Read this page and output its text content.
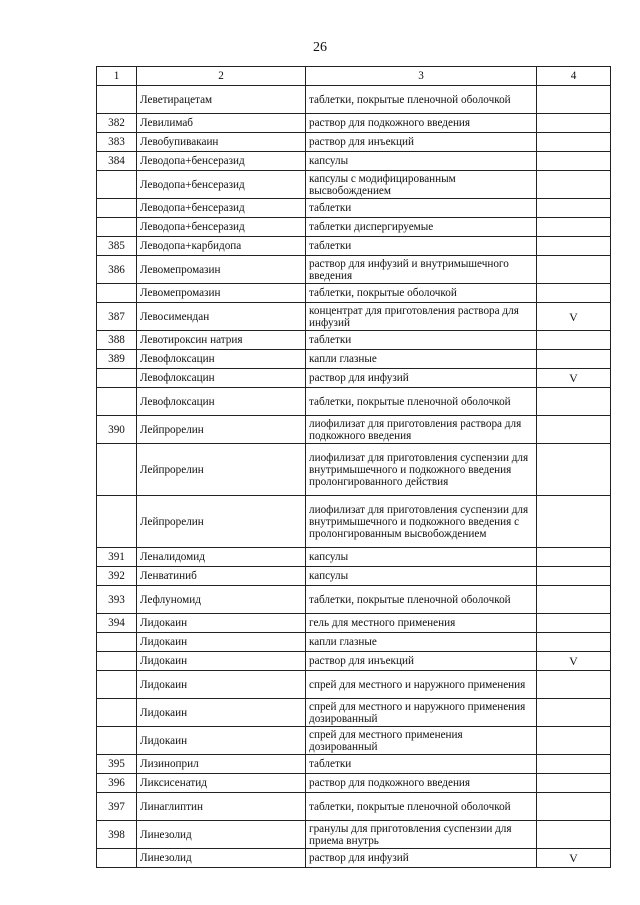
26
1	2	3	4
	Леветирацетам	таблетки, покрытые пленочной оболочкой	
382	Левилимаб	раствор для подкожного введения	
383	Левобупивакаин	раствор для инъекций	
384	Леводопа+бенсеразид	капсулы	
	Леводопа+бенсеразид	капсулы с модифицированным высвобождением	
	Леводопа+бенсеразид	таблетки	
	Леводопа+бенсеразид	таблетки диспергируемые	
385	Леводопа+карбидопа	таблетки	
386	Левомепромазин	раствор для инфузий и внутримышечного введения	
	Левомепромазин	таблетки, покрытые оболочкой	
387	Левосимендан	концентрат для приготовления раствора для инфузий	V
388	Левотироксин натрия	таблетки	
389	Левофлоксацин	капли глазные	
	Левофлоксацин	раствор для инфузий	V
	Левофлоксацин	таблетки, покрытые пленочной оболочкой	
390	Лейпрорелин	лиофилизат для приготовления раствора для подкожного введения	
	Лейпрорелин	лиофилизат для приготовления суспензии для внутримышечного и подкожного введения пролонгированного действия	
	Лейпрорелин	лиофилизат для приготовления суспензии для внутримышечного и подкожного введения с пролонгированным высвобождением	
391	Леналидомид	капсулы	
392	Ленватиниб	капсулы	
393	Лефлуномид	таблетки, покрытые пленочной оболочкой	
394	Лидокаин	гель для местного применения	
	Лидокаин	капли глазные	
	Лидокаин	раствор для инъекций	V
	Лидокаин	спрей для местного и наружного применения	
	Лидокаин	спрей для местного и наружного применения дозированный	
	Лидокаин	спрей для местного применения дозированный	
395	Лизиноприл	таблетки	
396	Ликсисенатид	раствор для подкожного введения	
397	Линаглиптин	таблетки, покрытые пленочной оболочкой	
398	Линезолид	гранулы для приготовления суспензии для приема внутрь	
	Линезолид	раствор для инфузий	V
